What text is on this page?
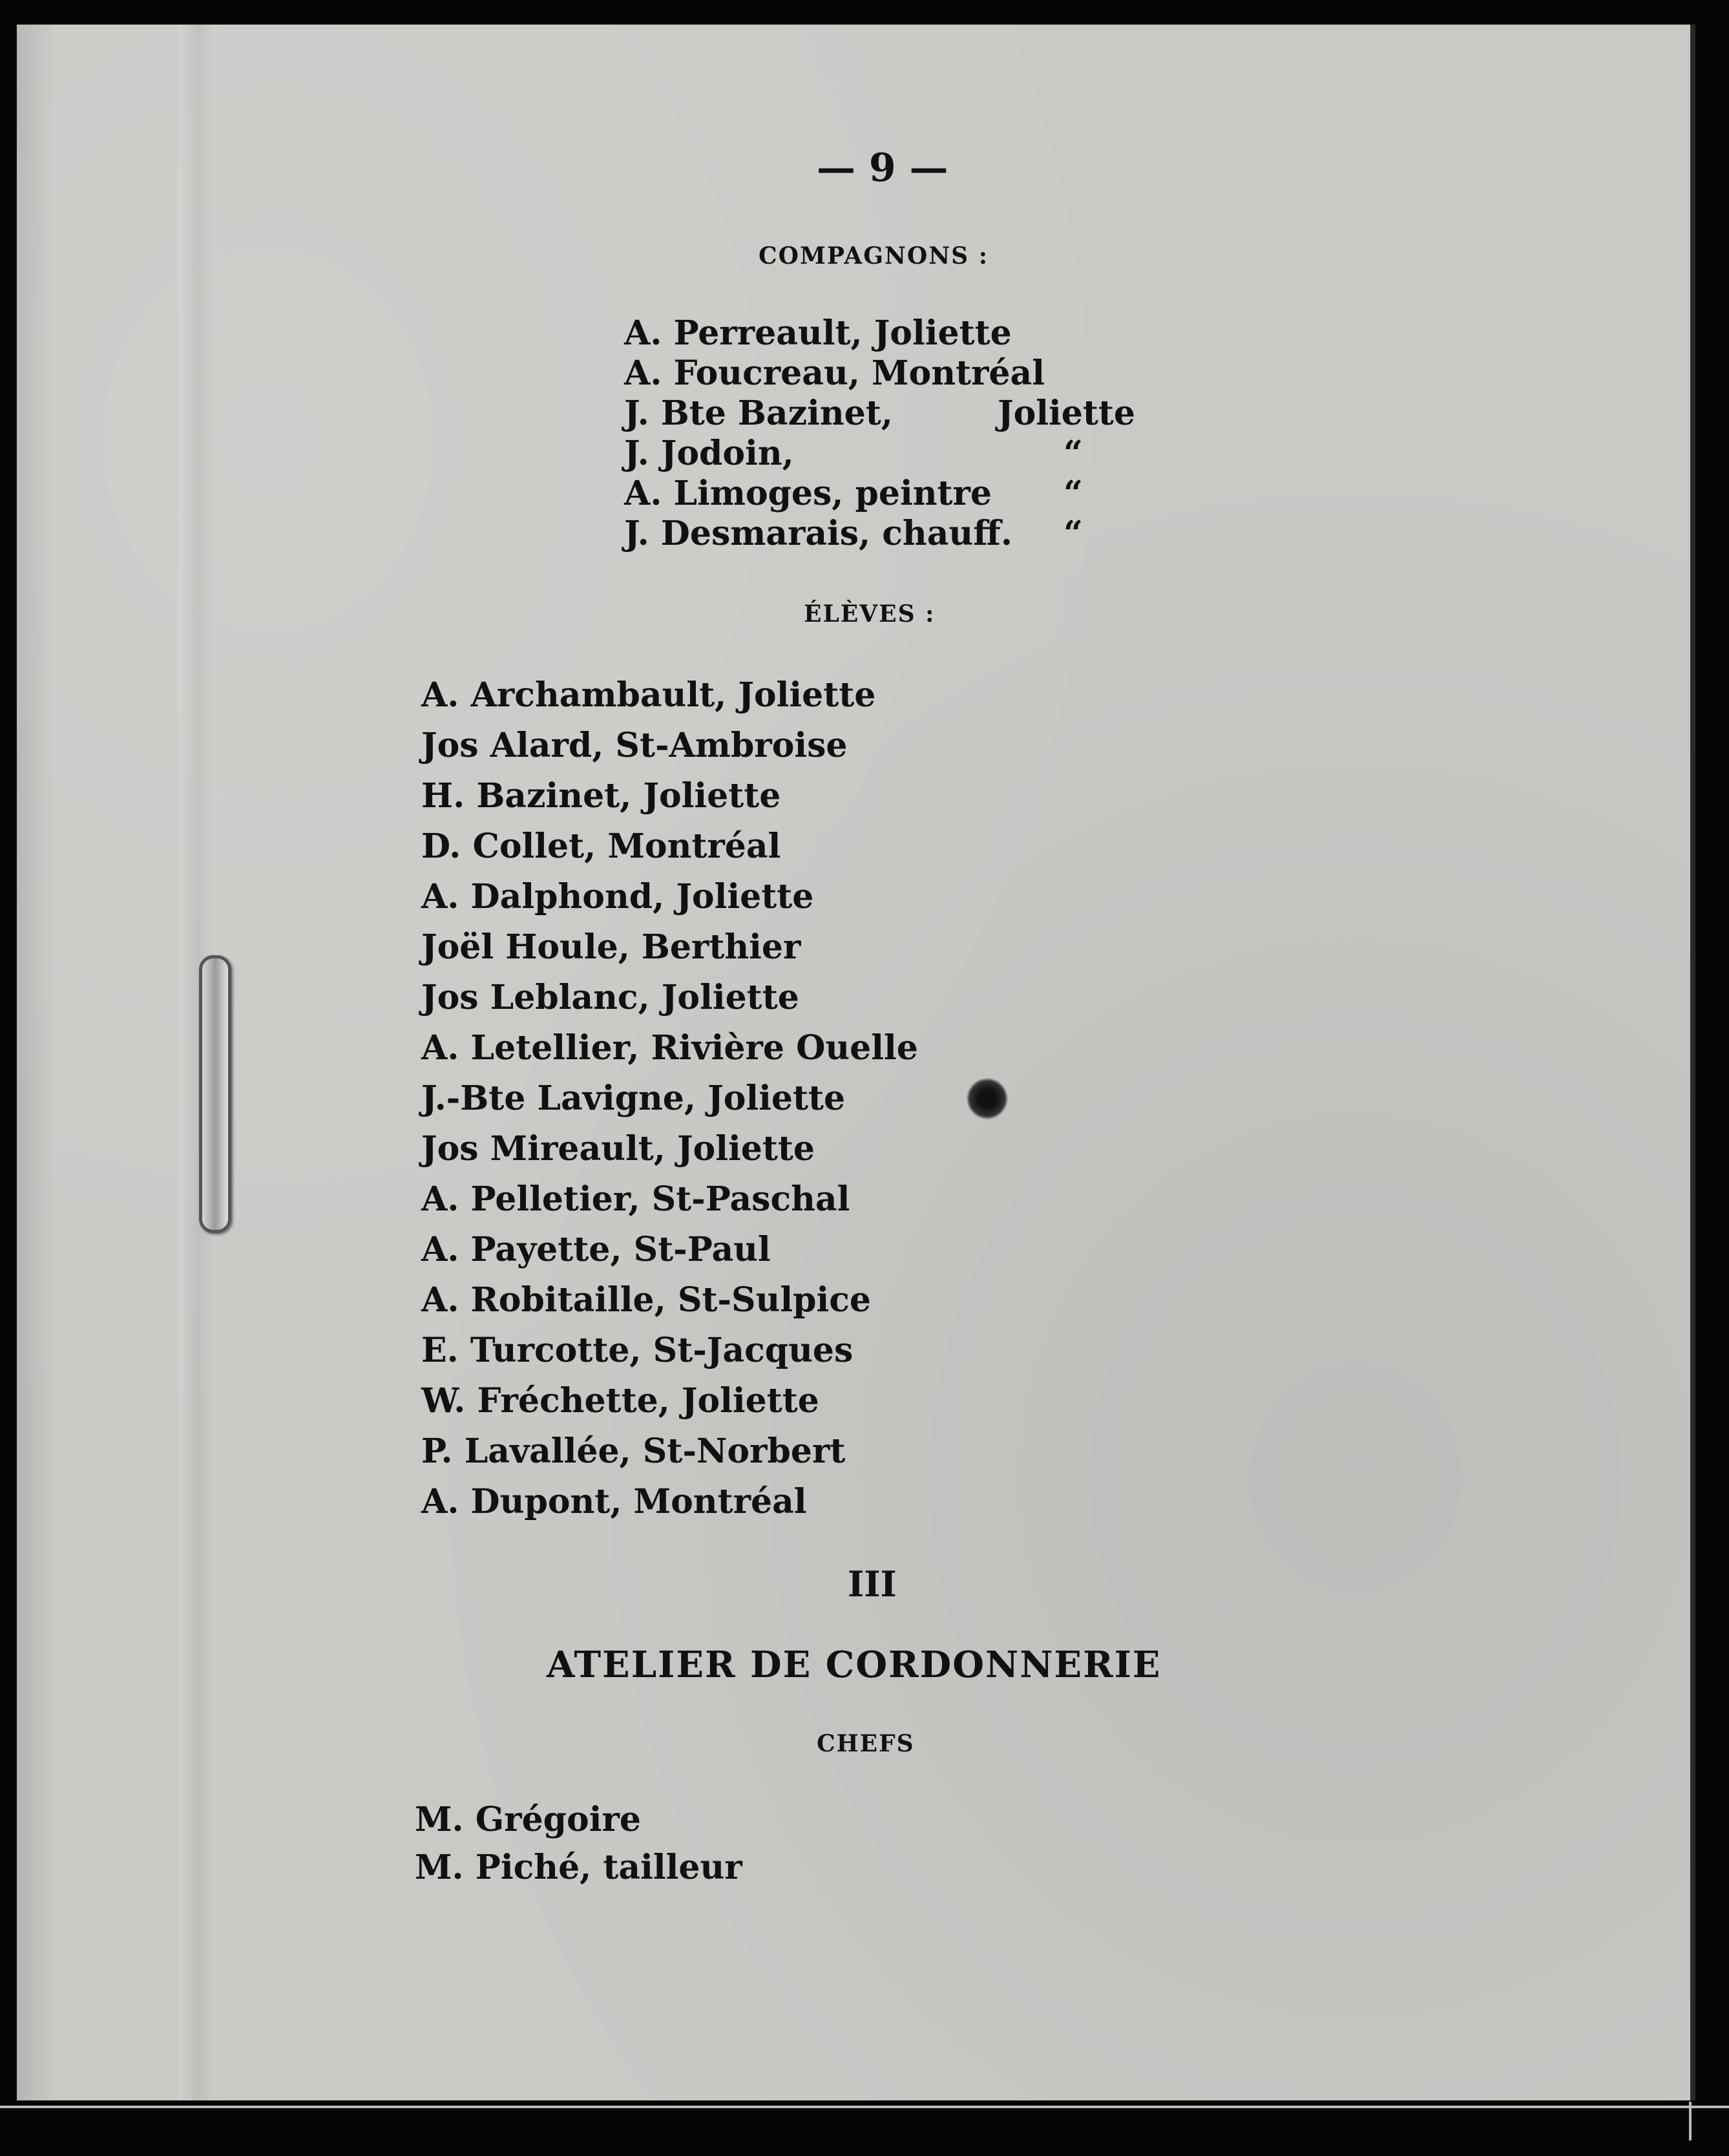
— 9 —
COMPAGNONS :
A. Perreault, Joliette
A. Foucreau, Montréal
J. Bte Bazinet,	Joliette
J. Jodoin,	“
A. Limoges, peintre “
J. Desmarais, chauff. “
ÉLÈVES :
A. Archambault, Joliette
Jos Alard, St-Ambroise
H. Bazinet, Joliette
D. Collet, Montréal
A. Dalphond, Joliette
Joël Houle, Berthier
Jos Leblanc, Joliette
A. Letellier, Rivière Ouelle
J.-Bte Lavigne, Joliette
Jos Mireault, Joliette
A. Pelletier, St-Paschal
A. Payette, St-Paul
A. Robitaille, St-Sulpice
E. Turcotte, St-Jacques
W. Fréchette, Joliette
P. Lavallée, St-Norbert
A. Dupont, Montréal
III
ATELIER DE CORDONNERIE
CHEFS
M. Grégoire
M. Piché, tailleur
